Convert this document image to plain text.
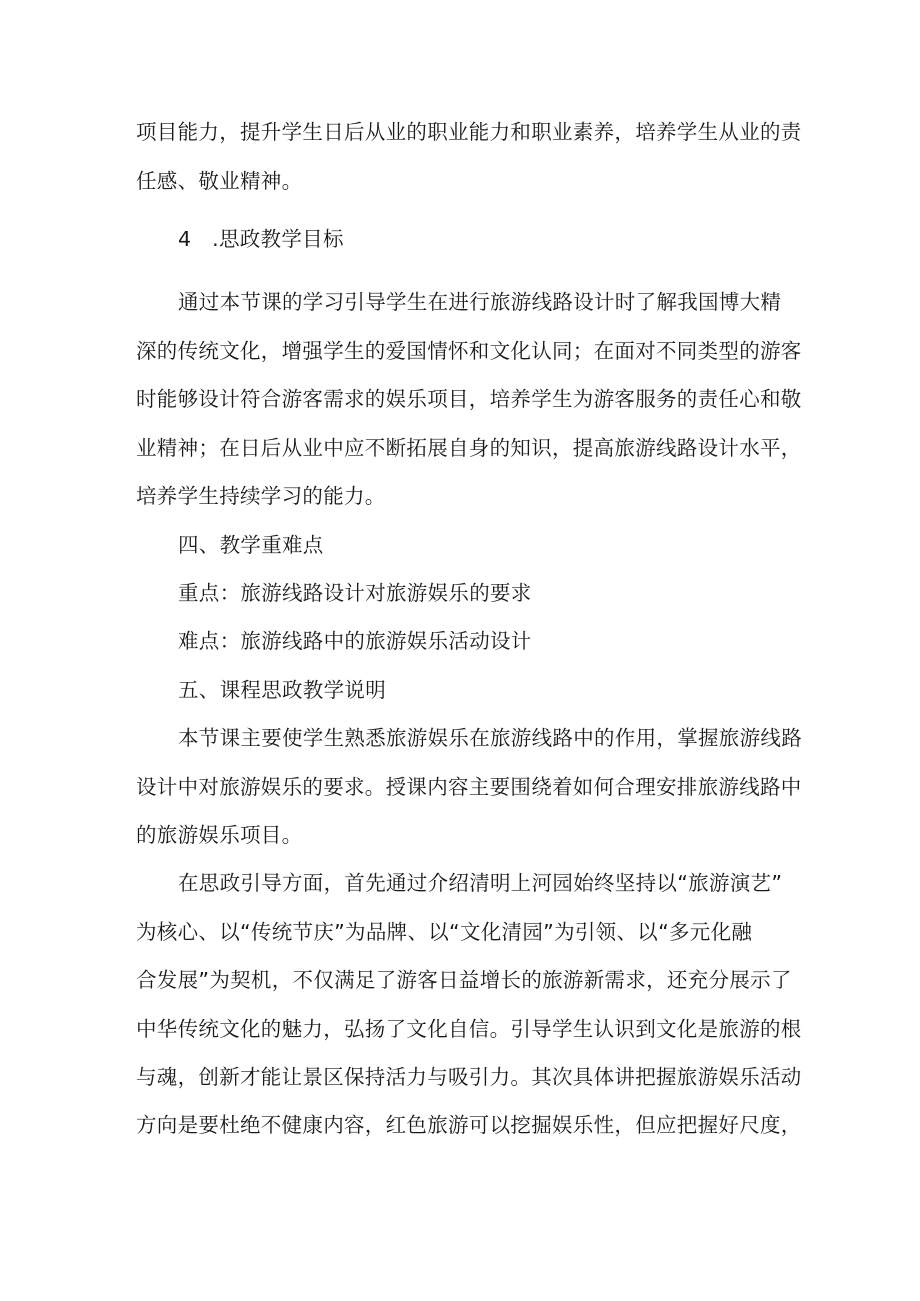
项目能力，提升学生日后从业的职业能力和职业素养，培养学生从业的责
任感、敬业精神。
4　.思政教学目标
通过本节课的学习引导学生在进行旅游线路设计时了解我国博大精
深的传统文化，增强学生的爱国情怀和文化认同；在面对不同类型的游客
时能够设计符合游客需求的娱乐项目，培养学生为游客服务的责任心和敬
业精神；在日后从业中应不断拓展自身的知识，提高旅游线路设计水平，
培养学生持续学习的能力。
四、教学重难点
重点：旅游线路设计对旅游娱乐的要求
难点：旅游线路中的旅游娱乐活动设计
五、课程思政教学说明
本节课主要使学生熟悉旅游娱乐在旅游线路中的作用，掌握旅游线路
设计中对旅游娱乐的要求。授课内容主要围绕着如何合理安排旅游线路中
的旅游娱乐项目。
在思政引导方面，首先通过介绍清明上河园始终坚持以“旅游演艺”
为核心、以“传统节庆”为品牌、以“文化清园”为引领、以“多元化融
合发展”为契机，不仅满足了游客日益增长的旅游新需求，还充分展示了
中华传统文化的魅力，弘扬了文化自信。引导学生认识到文化是旅游的根
与魂，创新才能让景区保持活力与吸引力。其次具体讲把握旅游娱乐活动
方向是要杜绝不健康内容，红色旅游可以挖掘娱乐性，但应把握好尺度，
